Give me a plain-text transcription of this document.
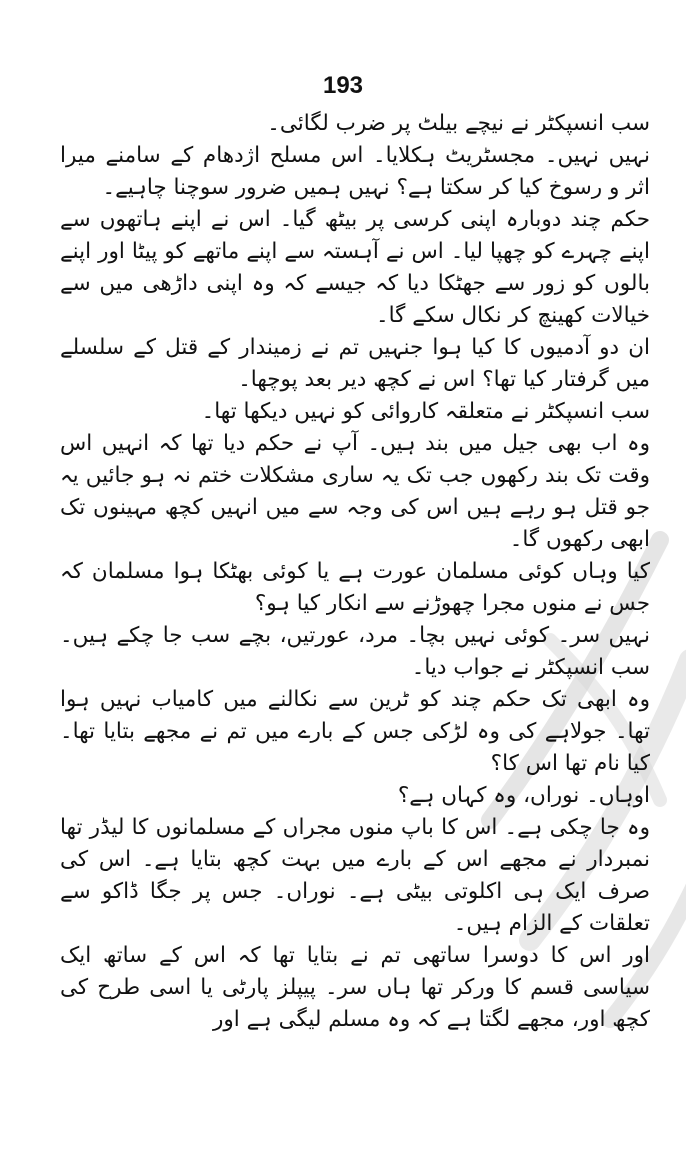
193

سب انسپکٹر نے نیچے بیلٹ پر ضرب لگائی۔

نہیں نہیں۔ مجسٹریٹ ہکلایا۔ اس مسلح اژدھام کے سامنے میرا اثر و رسوخ کیا کر سکتا ہے؟ نہیں ہمیں ضرور سوچنا چاہیے۔

حکم چند دوبارہ اپنی کرسی پر بیٹھ گیا۔ اس نے اپنے ہاتھوں سے اپنے چہرے کو چھپا لیا۔ اس نے آہستہ سے اپنے ماتھے کو پیٹا اور اپنے بالوں کو زور سے جھٹکا دیا کہ جیسے کہ وہ اپنی داڑھی میں سے خیالات کھینچ کر نکال سکے گا۔

ان دو آدمیوں کا کیا ہوا جنہیں تم نے زمیندار کے قتل کے سلسلے میں گرفتار کیا تھا؟ اس نے کچھ دیر بعد پوچھا۔

سب انسپکٹر نے متعلقہ کاروائی کو نہیں دیکھا تھا۔

وہ اب بھی جیل میں بند ہیں۔ آپ نے حکم دیا تھا کہ انہیں اس وقت تک بند رکھوں جب تک یہ ساری مشکلات ختم نہ ہو جائیں یہ جو قتل ہو رہے ہیں اس کی وجہ سے میں انہیں کچھ مہینوں تک ابھی رکھوں گا۔

کیا وہاں کوئی مسلمان عورت ہے یا کوئی بھٹکا ہوا مسلمان کہ جس نے منوں مجرا چھوڑنے سے انکار کیا ہو؟

نہیں سر۔ کوئی نہیں بچا۔ مرد، عورتیں، بچے سب جا چکے ہیں۔ سب انسپکٹر نے جواب دیا۔

وہ ابھی تک حکم چند کو ٹرین سے نکالنے میں کامیاب نہیں ہوا تھا۔ جولاہے کی وہ لڑکی جس کے بارے میں تم نے مجھے بتایا تھا۔ کیا نام تھا اس کا؟

اوہاں۔ نوراں، وہ کہاں ہے؟

وہ جا چکی ہے۔ اس کا باپ منوں مجراں کے مسلمانوں کا لیڈر تھا نمبردار نے مجھے اس کے بارے میں بہت کچھ بتایا ہے۔ اس کی صرف ایک ہی اکلوتی بیٹی ہے۔ نوراں۔ جس پر جگا ڈاکو سے تعلقات کے الزام ہیں۔

اور اس کا دوسرا ساتھی تم نے بتایا تھا کہ اس کے ساتھ ایک سیاسی قسم کا ورکر تھا ہاں سر۔ پیپلز پارٹی یا اسی طرح کی کچھ اور، مجھے لگتا ہے کہ وہ مسلم لیگی ہے اور
